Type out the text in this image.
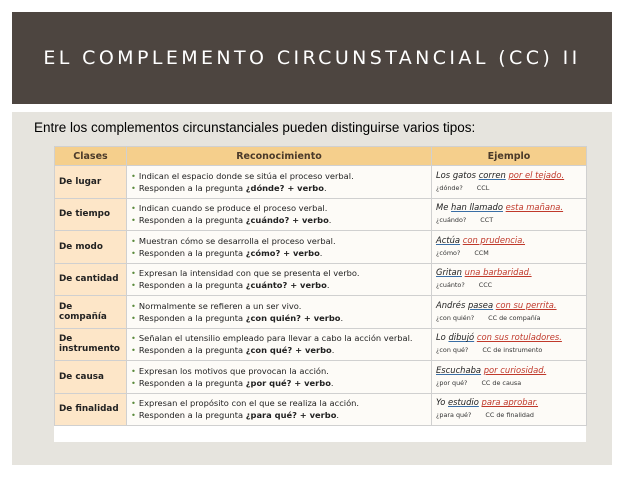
EL COMPLEMENTO CIRCUNSTANCIAL (CC) II
Entre los complementos circunstanciales pueden distinguirse varios tipos:
Clases	Reconocimiento	Ejemplo
De lugar	• Indican el espacio donde se sitúa el proceso verbal.
• Responden a la pregunta ¿dónde? + verbo.	Los gatos corren por el tejado.
¿dónde? CCL

De tiempo	• Indican cuando se produce el proceso verbal.
• Responden a la pregunta ¿cuándo? + verbo.	Me han llamado esta mañana.
¿cuándo? CCT

De modo	• Muestran cómo se desarrolla el proceso verbal.
• Responden a la pregunta ¿cómo? + verbo.	Actúa con prudencia.
¿cómo? CCM

De cantidad	• Expresan la intensidad con que se presenta el verbo.
• Responden a la pregunta ¿cuánto? + verbo.	Gritan una barbaridad.
¿cuánto? CCC

De compañía	• Normalmente se refieren a un ser vivo.
• Responden a la pregunta ¿con quién? + verbo.	Andrés pasea con su perrita.
¿con quién? CC de compañía

De instrumento	• Señalan el utensilio empleado para llevar a cabo la acción verbal.
• Responden a la pregunta ¿con qué? + verbo.	Lo dibujó con sus rotuladores.
¿con qué? CC de instrumento

De causa	• Expresan los motivos que provocan la acción.
• Responden a la pregunta ¿por qué? + verbo.	Escuchaba por curiosidad.
¿por qué? CC de causa

De finalidad	• Expresan el propósito con el que se realiza la acción.
• Responden a la pregunta ¿para qué? + verbo.	Yo estudio para aprobar.
¿para qué? CC de finalidad
